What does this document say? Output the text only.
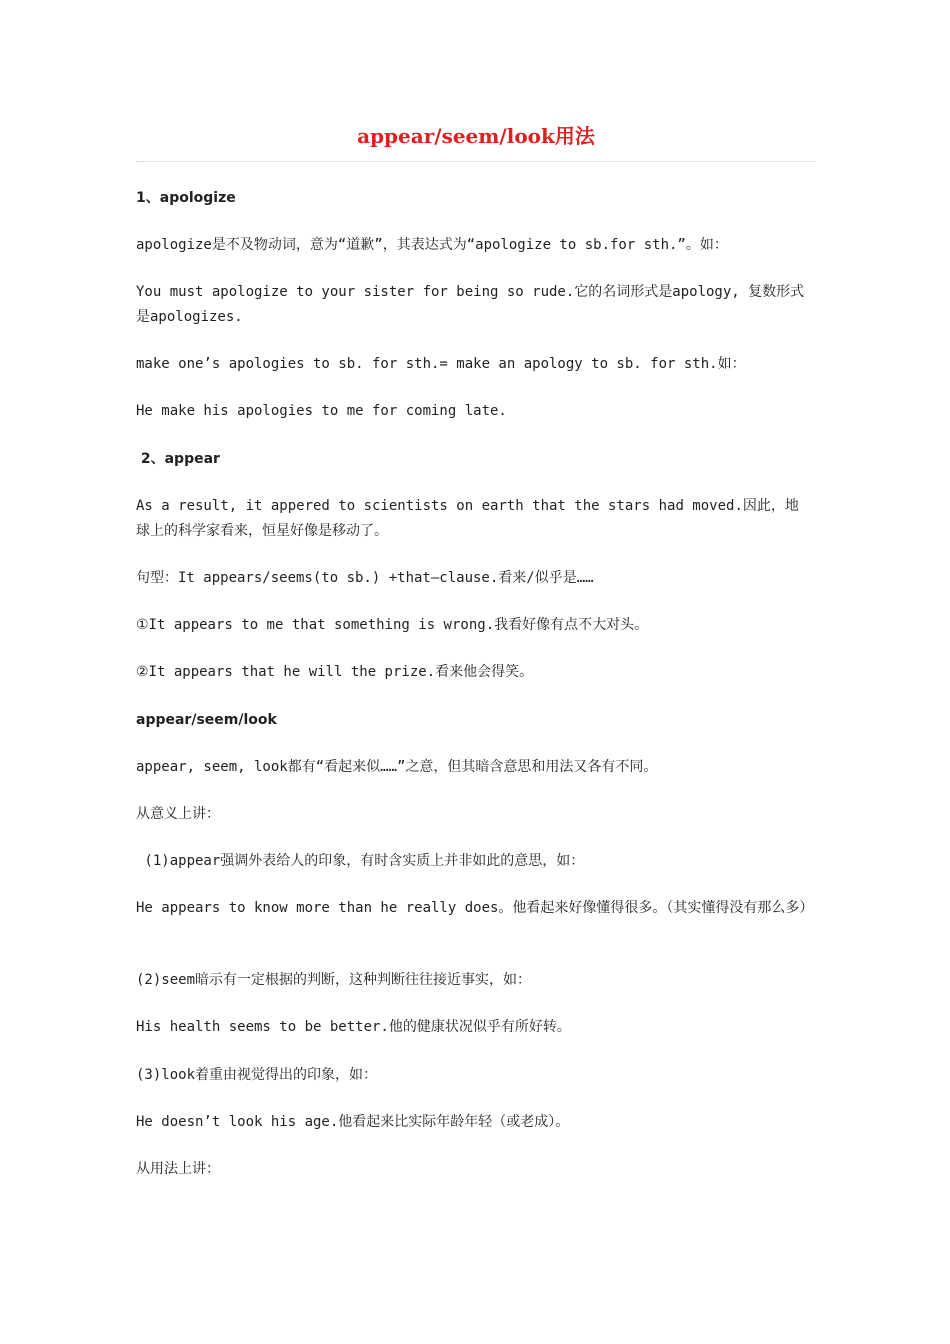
appear/seem/look用法
1、apologize
apologize是不及物动词，意为“道歉”，其表达式为“apologize to sb.for sth.”。如：
You must apologize to your sister for being so rude.它的名词形式是apology, 复数形式是apologizes.
make one’s apologies to sb. for sth.= make an apology to sb. for sth.如：
He make his apologies to me for coming late.
2、appear
As a result, it appered to scientists on earth that the stars had moved.因此，地球上的科学家看来，恒星好像是移动了。
句型：It appears/seems(to sb.) +that—clause.看来/似乎是……
①It appears to me that something is wrong.我看好像有点不大对头。
②It appears that he will the prize.看来他会得笑。
appear/seem/look
appear, seem, look都有“看起来似……”之意，但其暗含意思和用法又各有不同。
从意义上讲：
(1)appear强调外表给人的印象，有时含实质上并非如此的意思，如：
He appears to know more than he really does。他看起来好像懂得很多。（其实懂得没有那么多）
(2)seem暗示有一定根据的判断，这种判断往往接近事实，如：
His health seems to be better.他的健康状况似乎有所好转。
(3)look着重由视觉得出的印象，如：
He doesn’t look his age.他看起来比实际年龄年轻（或老成）。
从用法上讲：
